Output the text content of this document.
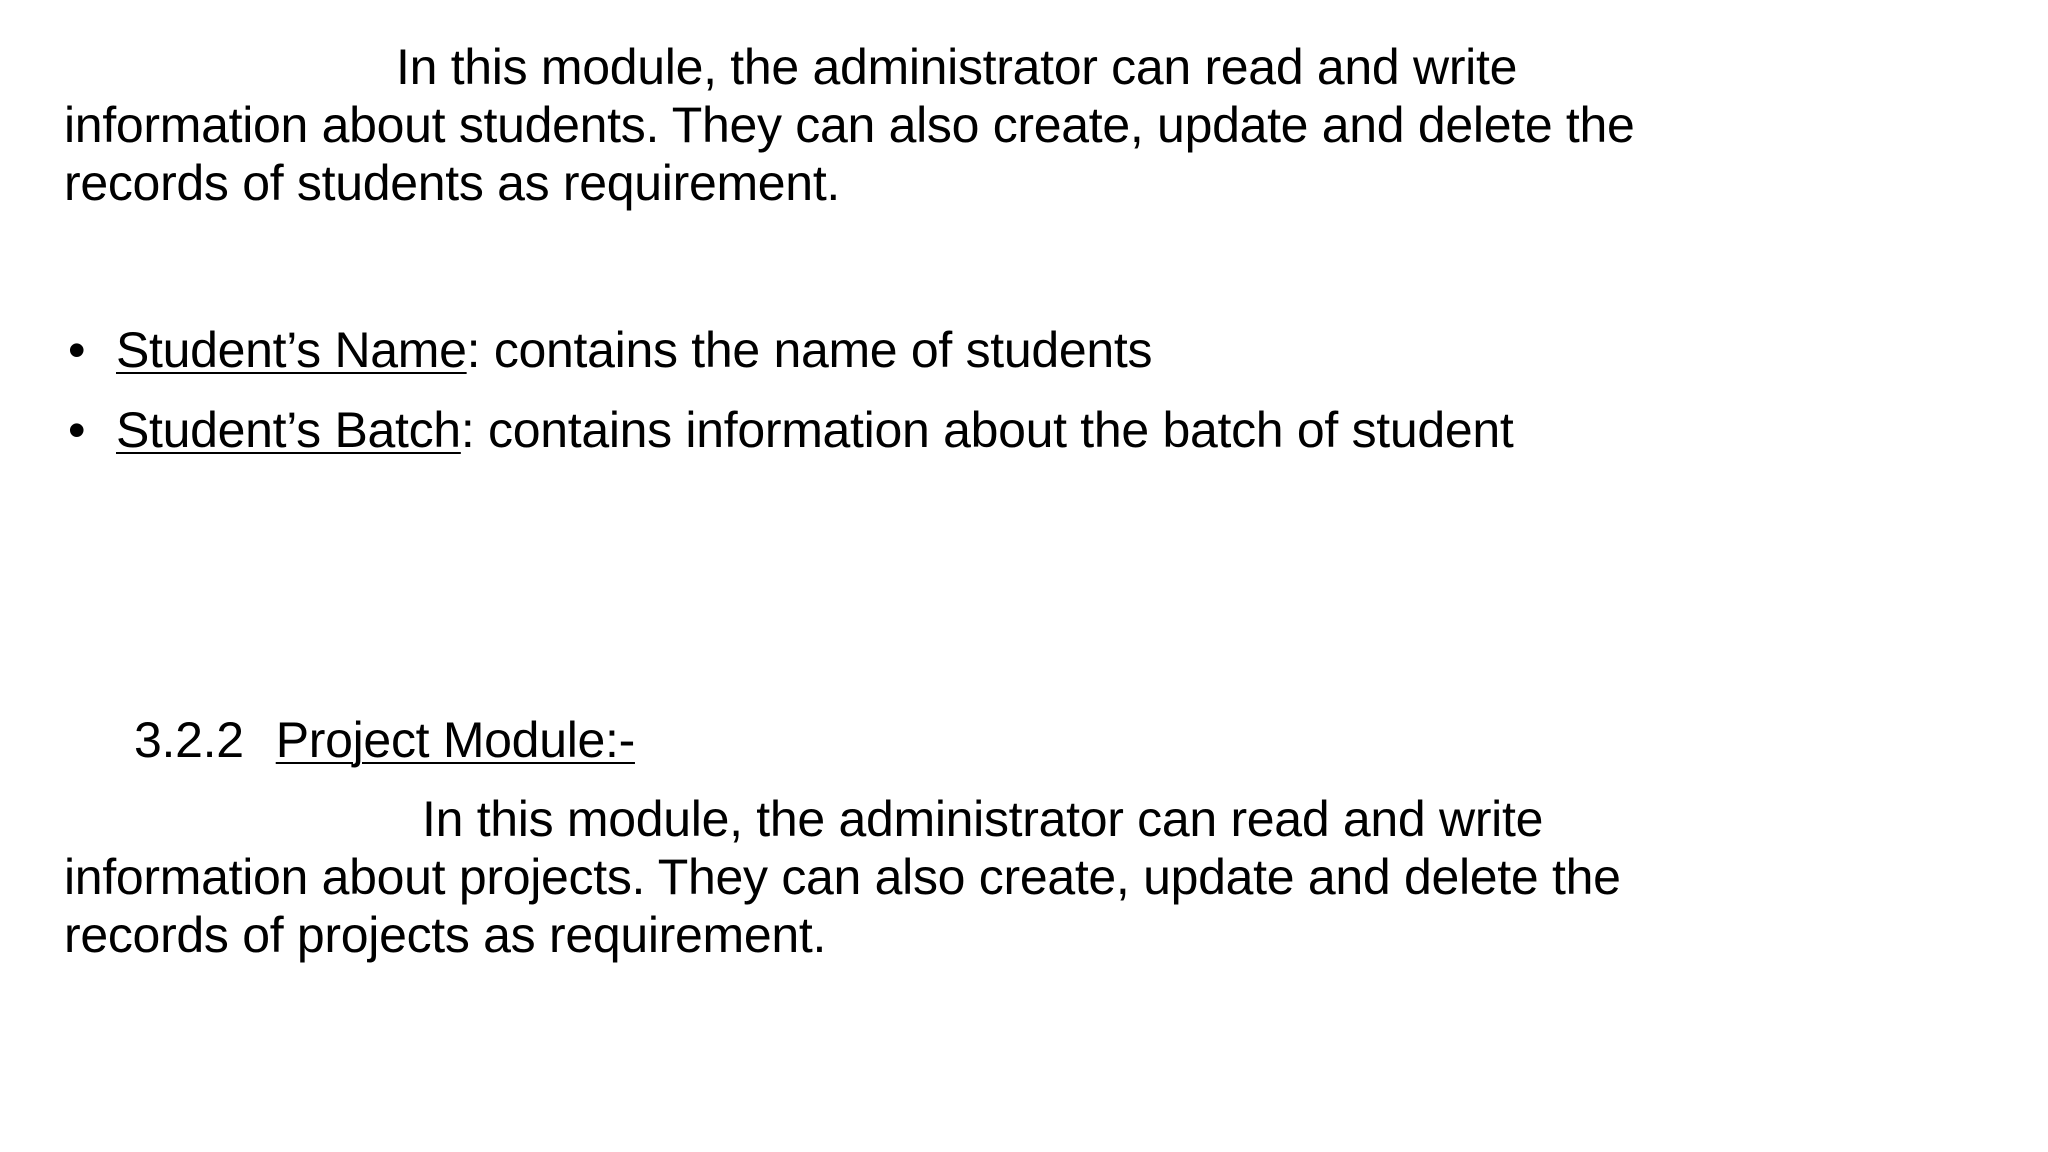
In this module, the administrator can read and write
information about students. They can also create, update and delete the
records of students as requirement.

• Student’s Name: contains the name of students
• Student’s Batch: contains information about the batch of student
3.2.2 Project Module:-

In this module, the administrator can read and write
information about projects. They can also create, update and delete the
records of projects as requirement.
